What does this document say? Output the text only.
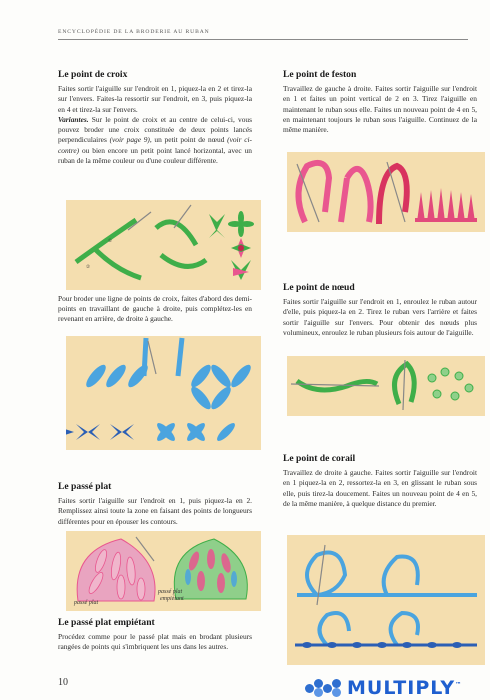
ENCYCLOPÉDIE DE LA BRODERIE AU RUBAN
Le point de croix

Faites sortir l'aiguille sur l'endroit en 1, piquez-la en 2 et tirez-la sur l'envers. Faites-la ressortir sur l'endroit, en 3, puis piquez-la en 4 et tirez-la sur l'envers.

Variantes. Sur le point de croix et au centre de celui-ci, vous pouvez broder une croix constituée de deux points lancés perpendiculaires (voir page 9), un petit point de nœud (voir ci-contre) ou bien encore un petit point lancé horizontal, avec un ruban de la même couleur ou d'une couleur différente.

②
①

Pour broder une ligne de points de croix, faites d'abord des demi-points en travaillant de gauche à droite, puis complétez-les en revenant en arrière, de droite à gauche.

Le passé plat

Faites sortir l'aiguille sur l'endroit en 1, puis piquez-la en 2. Remplissez ainsi toute la zone en faisant des points de longueurs différentes pour en épouser les contours.

passé plat
passé plat
empiétant
Le passé plat empiétant

Procédez comme pour le passé plat mais en brodant plusieurs rangées de points qui s'imbriquent les uns dans les autres.

Le point de feston

Travaillez de gauche à droite. Faites sortir l'aiguille sur l'endroit en 1 et faites un point vertical de 2 en 3. Tirez l'aiguille en maintenant le ruban sous elle. Faites un nouveau point de 4 en 5, en maintenant toujours le ruban sous l'aiguille. Continuez de la même manière.

Le point de nœud

Faites sortir l'aiguille sur l'endroit en 1, enroulez le ruban autour d'elle, puis piquez-la en 2. Tirez le ruban vers l'arrière et faites sortir l'aiguille sur l'envers. Pour obtenir des nœuds plus volumineux, enroulez le ruban plusieurs fois autour de l'aiguille.

Le point de corail

Travaillez de droite à gauche. Faites sortir l'aiguille sur l'endroit en 1 piquez-la en 2, ressortez-la en 3, en glissant le ruban sous elle, puis tirez-la doucement. Faites un nouveau point de 4 en 5, de la même manière, à quelque distance du premier.

10	MULTIPLY™
